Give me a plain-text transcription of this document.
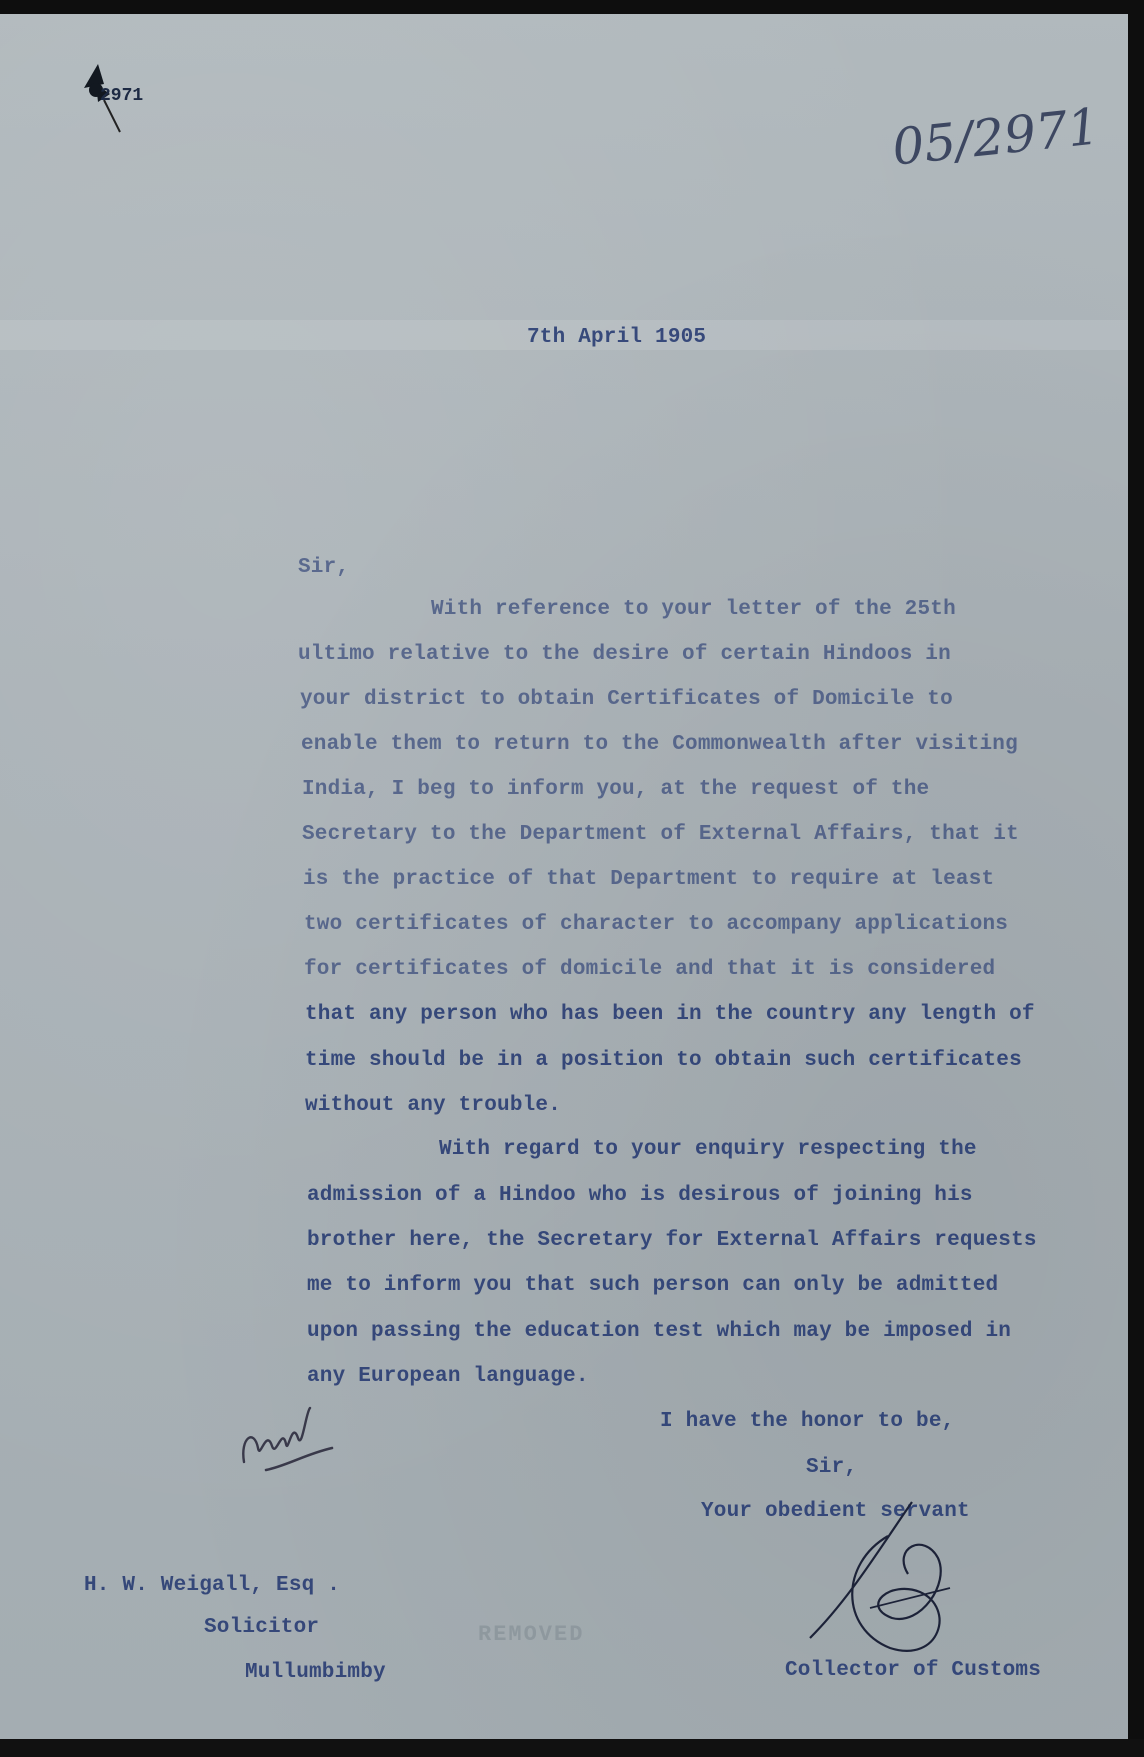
2971
05/2971
7th April 1905
Sir,
With reference to your letter of the 25th
ultimo relative to the desire of certain Hindoos in
your district to obtain Certificates of Domicile to
enable them to return to the Commonwealth after visiting
India, I beg to inform you, at the request of the
Secretary to the Department of External Affairs, that it
is the practice of that Department to require at least
two certificates of character to accompany applications
for certificates of domicile and that it is considered
that any person who has been in the country any length of
time should be in a position to obtain such certificates
without any trouble.
With regard to your enquiry respecting the
admission of a Hindoo who is desirous of joining his
brother here, the Secretary for External Affairs requests
me to inform you that such person can only be admitted
upon passing the education test which may be imposed in
any European language.
I have the honor to be,
Sir,
Your obedient servant
H. W. Weigall, Esq .
Solicitor
Mullumbimby
REMOVED
Collector of Customs
